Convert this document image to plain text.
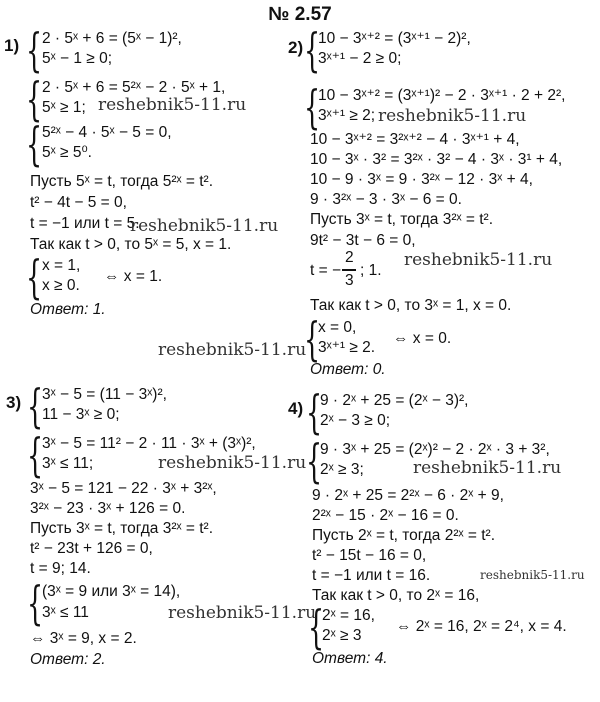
№ 2.57
1) { 2 · 5ˣ + 6 = (5ˣ − 1)²,
5ˣ − 1 ≥ 0;
{ 2 · 5ˣ + 6 = 5²ˣ − 2 · 5ˣ + 1,
5ˣ ≥ 1;
{ 5²ˣ − 4 · 5ˣ − 5 = 0,
5ˣ ≥ 5⁰.
Пусть 5ˣ = t, тогда 5²ˣ = t².
t² − 4t − 5 = 0,
t = −1 или t = 5.
Так как t > 0, то 5ˣ = 5, x = 1.
{ x = 1,
x ≥ 0.
⇔ x = 1.
Ответ: 1.
2) {
10 − 3ˣ⁺² = (3ˣ⁺¹ − 2)²,
3ˣ⁺¹ − 2 ≥ 0;
{
10 − 3ˣ⁺² = (3ˣ⁺¹)² − 2 · 3ˣ⁺¹ · 2 + 2²,
3ˣ⁺¹ ≥ 2;
10 − 3ˣ⁺² = 3²ˣ⁺² − 4 · 3ˣ⁺¹ + 4,
10 − 3ˣ · 3² = 3²ˣ · 3² − 4 · 3ˣ · 3¹ + 4,
10 − 9 · 3ˣ = 9 · 3²ˣ − 12 · 3ˣ + 4,
9 · 3²ˣ − 3 · 3ˣ − 6 = 0.
Пусть 3ˣ = t, тогда 3²ˣ = t².
9t² − 3t − 6 = 0,
t = −
2
3
; 1.
Так как t > 0, то 3ˣ = 1, x = 0.
{
x = 0,
3ˣ⁺¹ ≥ 2.
⇔ x = 0.
Ответ: 0.
3) {
3ˣ − 5 = (11 − 3ˣ)²,
11 − 3ˣ ≥ 0;
{
3ˣ − 5 = 11² − 2 · 11 · 3ˣ + (3ˣ)²,
3ˣ ≤ 11;
3ˣ − 5 = 121 − 22 · 3ˣ + 3²ˣ,
3²ˣ − 23 · 3ˣ + 126 = 0.
Пусть 3ˣ = t, тогда 3²ˣ = t².
t² − 23t + 126 = 0,
t = 9; 14.
{
(3ˣ = 9 или 3ˣ = 14),
3ˣ ≤ 11
⇔ 3ˣ = 9, x = 2.
Ответ: 2.
4) {
9 · 2ˣ + 25 = (2ˣ − 3)²,
2ˣ − 3 ≥ 0;
{
9 · 3ˣ + 25 = (2ˣ)² − 2 · 2ˣ · 3 + 3²,
2ˣ ≥ 3;
9 · 2ˣ + 25 = 2²ˣ − 6 · 2ˣ + 9,
2²ˣ − 15 · 2ˣ − 16 = 0.
Пусть 2ˣ = t, тогда 2²ˣ = t².
t² − 15t − 16 = 0,
t = −1 или t = 16.
Так как t > 0, то 2ˣ = 16,
{
2ˣ = 16,
2ˣ ≥ 3
⇔ 2ˣ = 16, 2ˣ = 2⁴, x = 4.
Ответ: 4.
reshebnik5-11.ru
reshebnik5-11.ru
reshebnik5-11.ru
reshebnik5-11.ru
reshebnik5-11.ru
reshebnik5-11.ru	reshebnik5-11.ru
reshebnik5-11.ru
reshebnik5-11.ru
